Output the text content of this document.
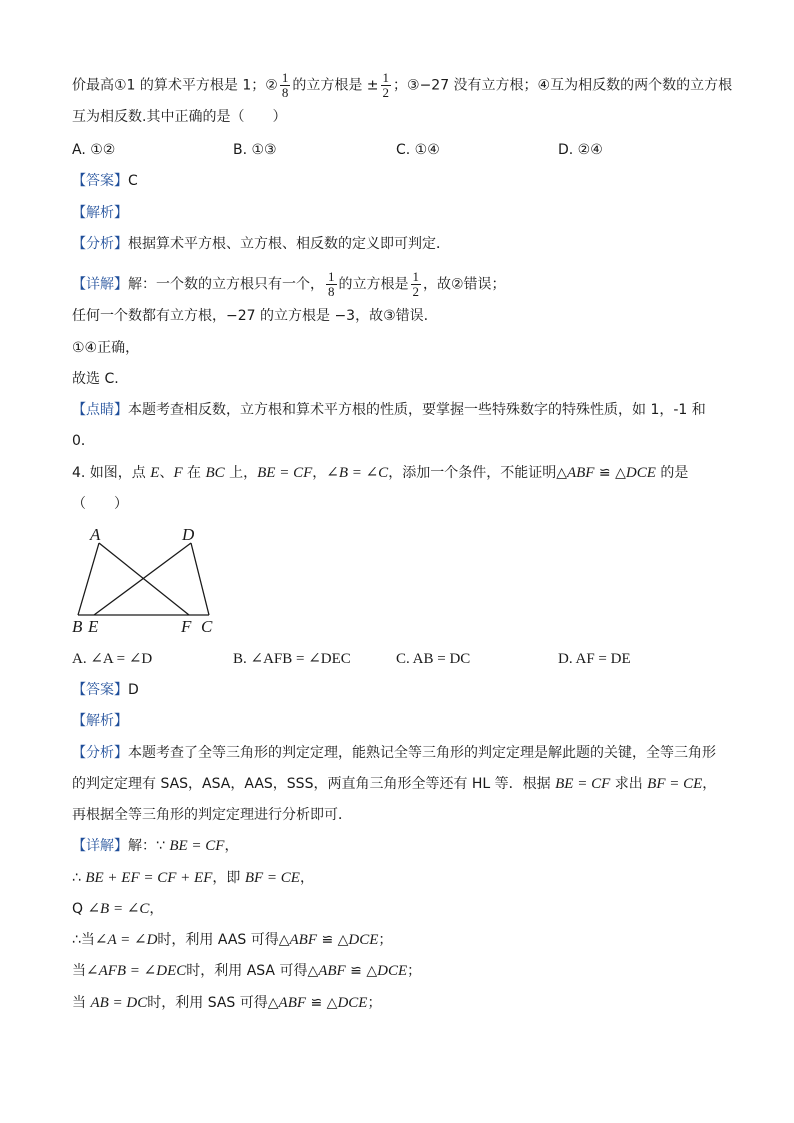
价最高①1 的算术平方根是 1；② $\frac{1}{8}$ 的立方根是 ± $\frac{1}{2}$ ；③−27 没有立方根；④互为相反数的两个数的立方根
互为相反数.其中正确的是（　　）
A. ①②	B. ①③	C. ①④	D. ②④
【答案】C
【解析】
【分析】根据算术平方根、立方根、相反数的定义即可判定．
【详解】解：一个数的立方根只有一个， $\frac{1}{8}$ 的立方根是 $\frac{1}{2}$ ，故②错误；
任何一个数都有立方根，−27 的立方根是 −3，故③错误.
①④正确，
故选 C.
【点睛】本题考查相反数，立方根和算术平方根的性质，要掌握一些特殊数字的特殊性质，如 1，-1 和
0．
4. 如图，点 E、F 在 BC 上，BE = CF，∠B = ∠C，添加一个条件，不能证明△ABF ≌ △DCE 的是
（　　）
A	D
B E	F C
A. ∠A = ∠D	B. ∠AFB = ∠DEC	C. AB = DC	D. AF = DE
【答案】D
【解析】
【分析】本题考查了全等三角形的判定定理，能熟记全等三角形的判定定理是解此题的关键，全等三角形
的判定定理有 SAS，ASA，AAS，SSS，两直角三角形全等还有 HL 等．根据 BE = CF 求出 BF = CE，
再根据全等三角形的判定定理进行分析即可．
【详解】解：∵ BE = CF，
∴ BE + EF = CF + EF，即 BF = CE，
Q ∠B = ∠C，
∴当∠A = ∠D时，利用 AAS 可得△ABF ≌ △DCE；
当∠AFB = ∠DEC时，利用 ASA 可得△ABF ≌ △DCE；
当 AB = DC时，利用 SAS 可得△ABF ≌ △DCE；
